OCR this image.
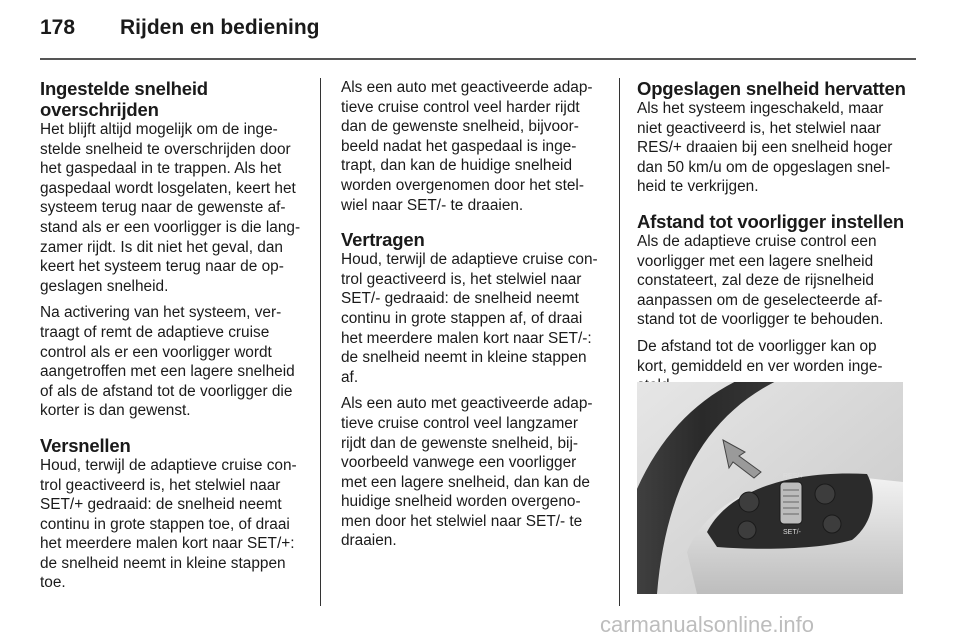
178 Rijden en bediening
Ingestelde snelheid overschrijden

Het blijft altijd mogelijk om de inge-stelde snelheid te overschrijden door het gaspedaal in te trappen. Als het gaspedaal wordt losgelaten, keert het systeem terug naar de gewenste af-stand als er een voorligger is die lang-zamer rijdt. Is dit niet het geval, dan keert het systeem terug naar de op-geslagen snelheid.

Na activering van het systeem, ver-traagt of remt de adaptieve cruise control als er een voorligger wordt aangetroffen met een lagere snelheid of als de afstand tot de voorligger die korter is dan gewenst.

Versnellen

Houd, terwijl de adaptieve cruise con-trol geactiveerd is, het stelwiel naar SET/+ gedraaid: de snelheid neemt continu in grote stappen toe, of draai het meerdere malen kort naar SET/+: de snelheid neemt in kleine stappen toe.

Als een auto met geactiveerde adap-tieve cruise control veel harder rijdt dan de gewenste snelheid, bijvoor-beeld nadat het gaspedaal is inge-trapt, dan kan de huidige snelheid worden overgenomen door het stel-wiel naar SET/- te draaien.

Vertragen

Houd, terwijl de adaptieve cruise con-trol geactiveerd is, het stelwiel naar SET/- gedraaid: de snelheid neemt continu in grote stappen af, of draai het meerdere malen kort naar SET/-: de snelheid neemt in kleine stappen af.

Als een auto met geactiveerde adap-tieve cruise control veel langzamer rijdt dan de gewenste snelheid, bij-voorbeeld vanwege een voorligger met een lagere snelheid, dan kan de huidige snelheid worden overgeno-men door het stelwiel naar SET/- te draaien.

Opgeslagen snelheid hervatten

Als het systeem ingeschakeld, maar niet geactiveerd is, het stelwiel naar RES/+ draaien bij een snelheid hoger dan 50 km/u om de opgeslagen snel-heid te verkrijgen.

Afstand tot voorligger instellen

Als de adaptieve cruise control een voorligger met een lagere snelheid constateert, zal deze de rijsnelheid aanpassen om de geselecteerde af-stand tot de voorligger te behouden.

De afstand tot de voorligger kan op kort, gemiddeld en ver worden inge-

RES/+
SET/-
carmanualsonline.info
